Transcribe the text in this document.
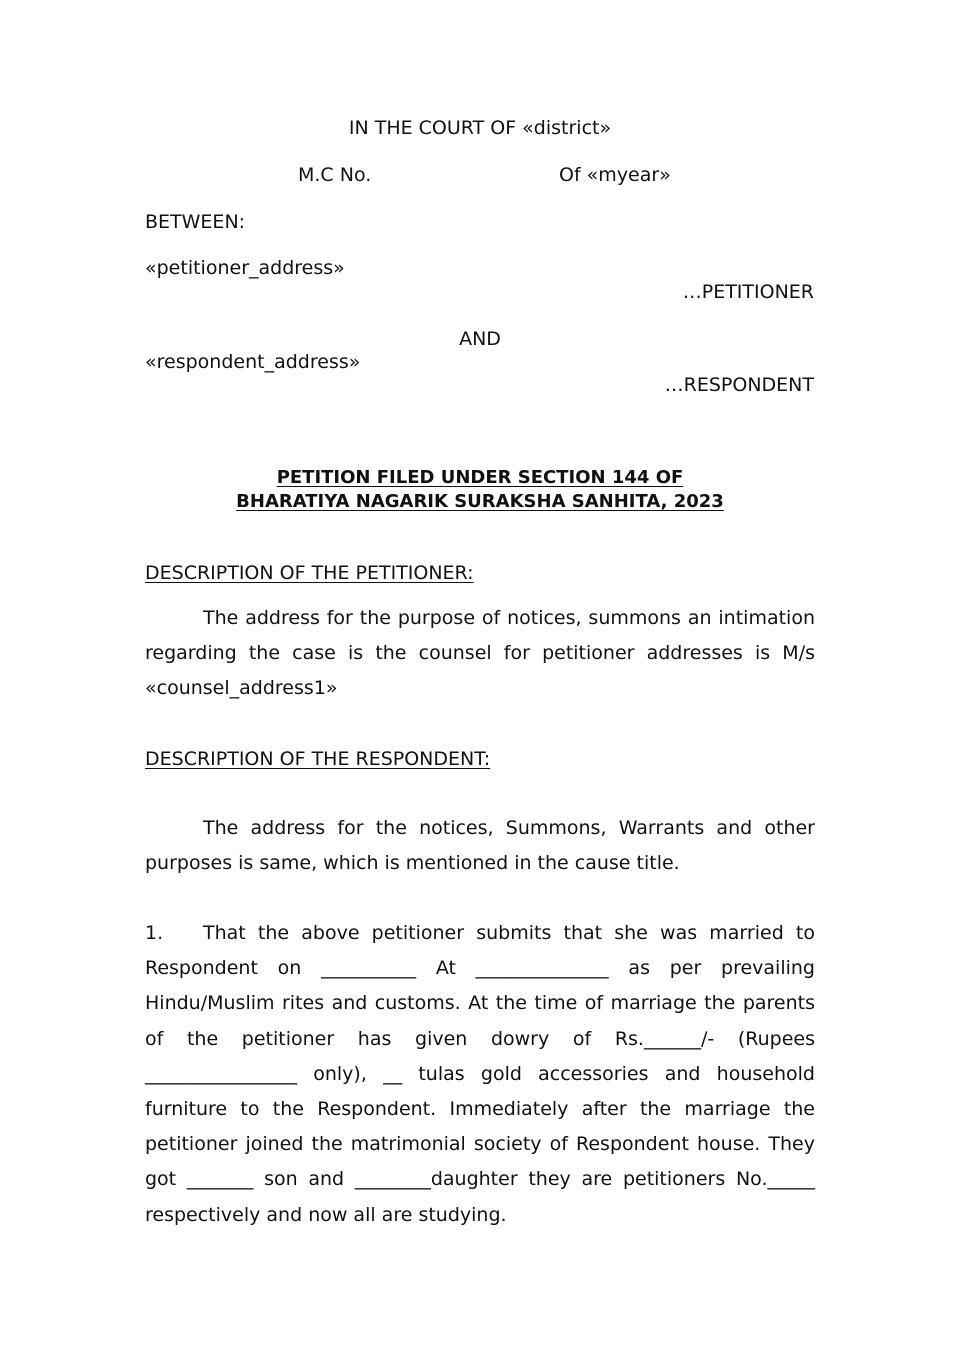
IN THE COURT OF «district»
M.C No.	Of «myear»
BETWEEN:
«petitioner_address»
…PETITIONER
AND
«respondent_address»
…RESPONDENT
PETITION FILED UNDER SECTION 144 OF
BHARATIYA NAGARIK SURAKSHA SANHITA, 2023
DESCRIPTION OF THE PETITIONER:
The address for the purpose of notices, summons an intimation regarding the case is the counsel for petitioner addresses is M/s «counsel_address1»
DESCRIPTION OF THE RESPONDENT:
The address for the notices, Summons, Warrants and other purposes is same, which is mentioned in the cause title.
1. That the above petitioner submits that she was married to Respondent on __________ At ______________ as per prevailing Hindu/Muslim rites and customs. At the time of marriage the parents of the petitioner has given dowry of Rs.______/- (Rupees ________________ only), __ tulas gold accessories and household furniture to the Respondent. Immediately after the marriage the petitioner joined the matrimonial society of Respondent house. They got _______ son and ________daughter they are petitioners No._____ respectively and now all are studying.
